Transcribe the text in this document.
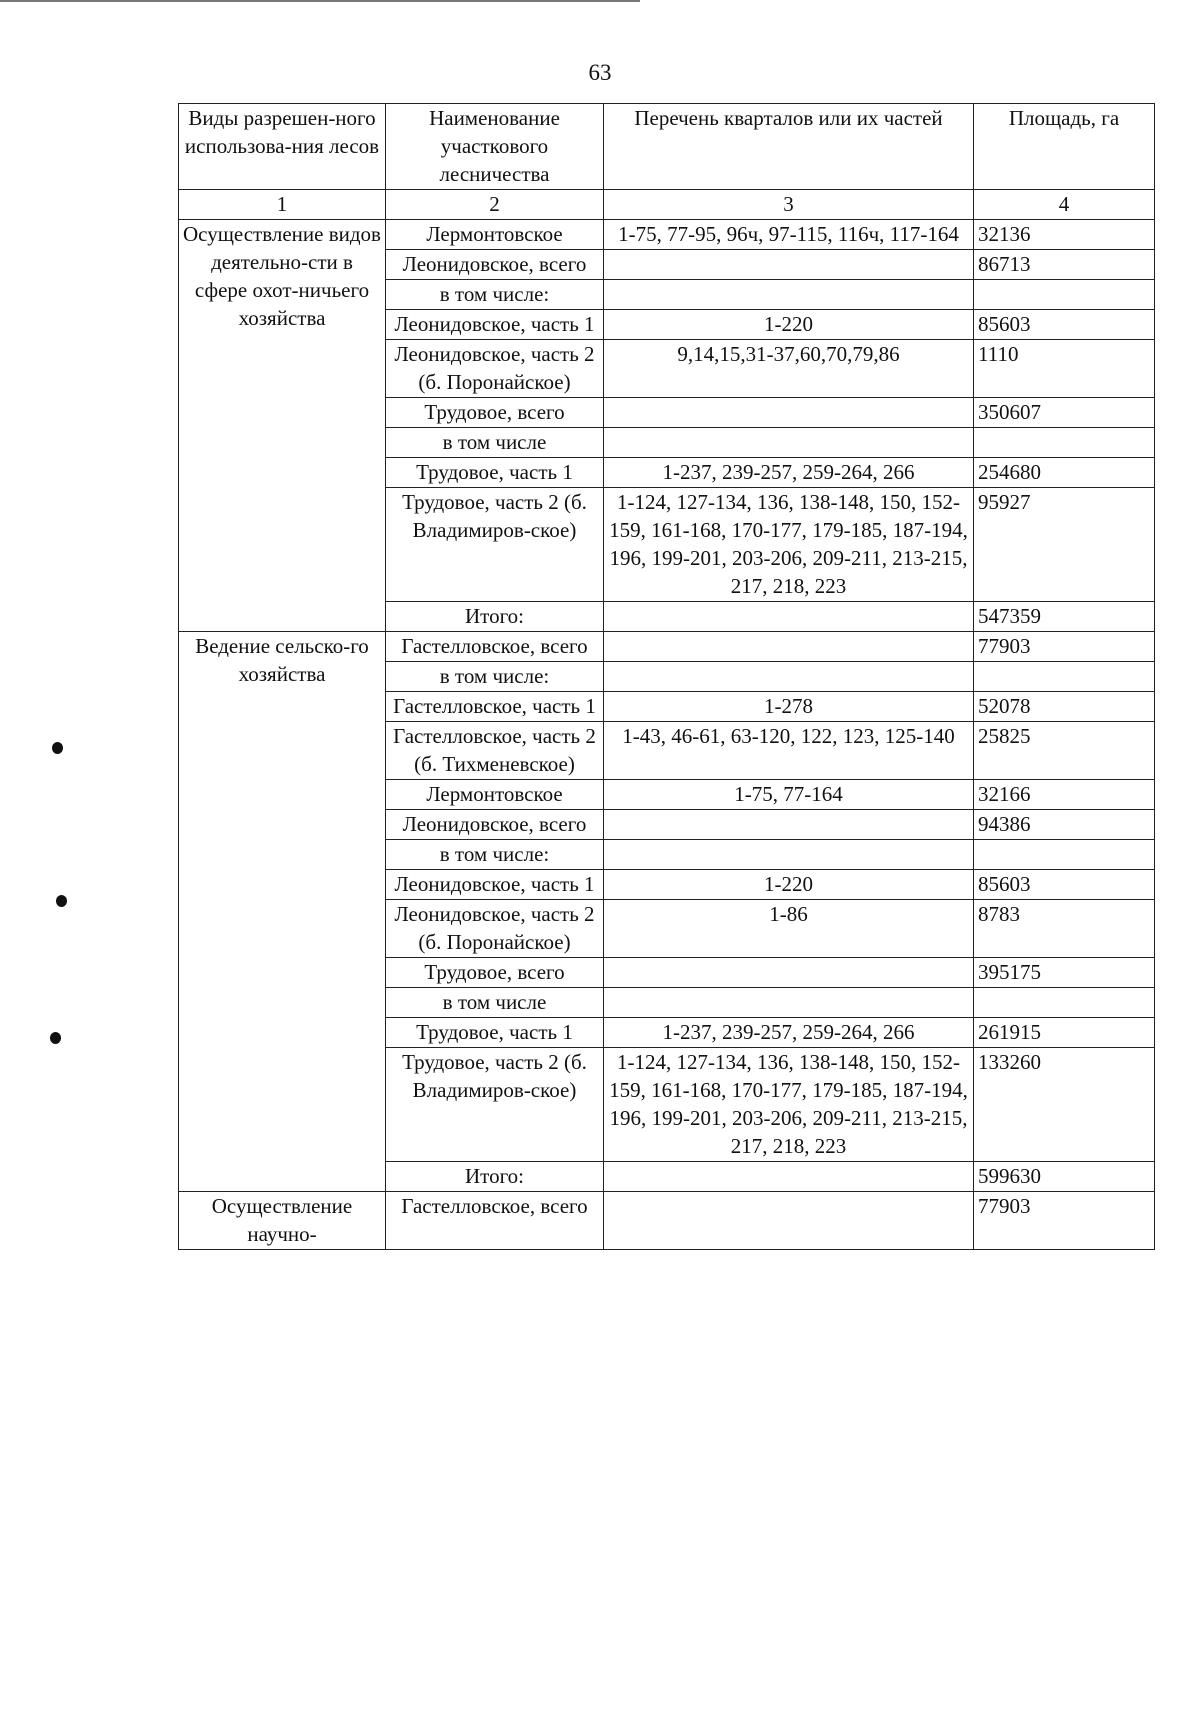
63
Виды разрешен-ного использова-ния лесов	Наименование участкового лесничества	Перечень кварталов или их частей	Площадь, га
1	2	3	4
Осуществление видов деятельно-сти в сфере охот-ничьего хозяйства	Лермонтовское	1-75, 77-95, 96ч, 97-115, 116ч, 117-164	32136
	Леонидовское, всего		86713
	в том числе:		
	Леонидовское, часть 1	1-220	85603
	Леонидовское, часть 2 (б. Поронайское)	9,14,15,31-37,60,70,79,86	1110
	Трудовое, всего		350607
	в том числе		
	Трудовое, часть 1	1-237, 239-257, 259-264, 266	254680
	Трудовое, часть 2 (б. Владимиров-ское)	1-124, 127-134, 136, 138-148, 150, 152-159, 161-168, 170-177, 179-185, 187-194, 196, 199-201, 203-206, 209-211, 213-215, 217, 218, 223	95927
	Итого:		547359
Ведение сельско-го хозяйства	Гастелловское, всего		77903
	в том числе:		
	Гастелловское, часть 1	1-278	52078
	Гастелловское, часть 2 (б. Тихменевское)	1-43, 46-61, 63-120, 122, 123, 125-140	25825
	Лермонтовское	1-75, 77-164	32166
	Леонидовское, всего		94386
	в том числе:		
	Леонидовское, часть 1	1-220	85603
	Леонидовское, часть 2 (б. Поронайское)	1-86	8783
	Трудовое, всего		395175
	в том числе		
	Трудовое, часть 1	1-237, 239-257, 259-264, 266	261915
	Трудовое, часть 2 (б. Владимиров-ское)	1-124, 127-134, 136, 138-148, 150, 152-159, 161-168, 170-177, 179-185, 187-194, 196, 199-201, 203-206, 209-211, 213-215, 217, 218, 223	133260
	Итого:		599630
Осуществление научно-	Гастелловское, всего		77903
